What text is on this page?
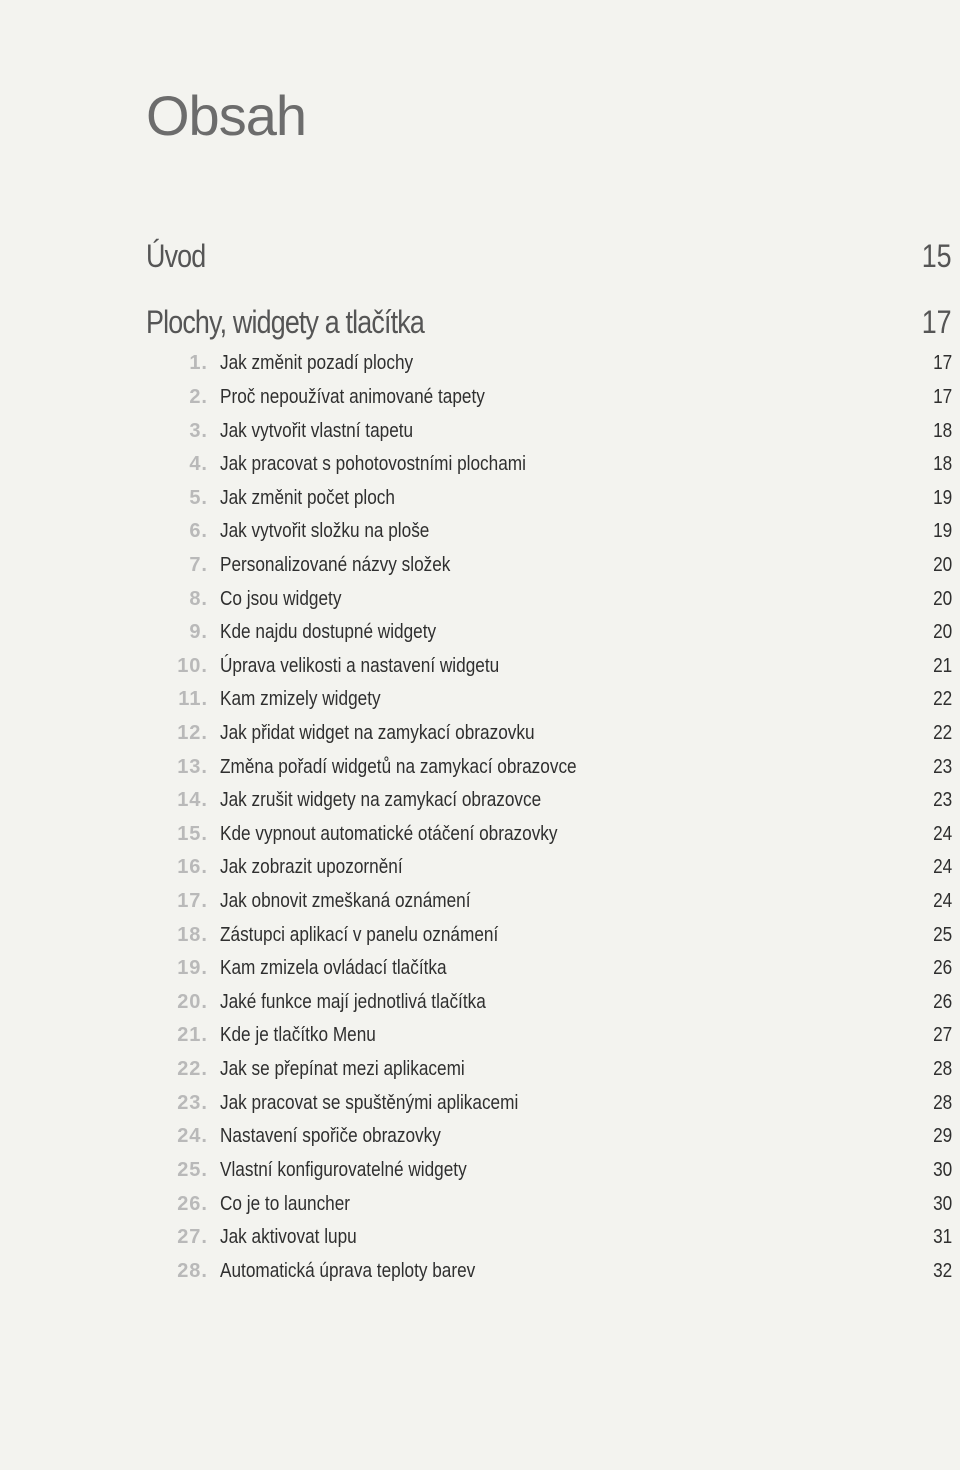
Obsah
Úvod	15
Plochy, widgety a tlačítka	17
1. Jak změnit pozadí plochy	17
2. Proč nepoužívat animované tapety	17
3. Jak vytvořit vlastní tapetu	18
4. Jak pracovat s pohotovostními plochami	18
5. Jak změnit počet ploch	19
6. Jak vytvořit složku na ploše	19
7. Personalizované názvy složek	20
8. Co jsou widgety	20
9. Kde najdu dostupné widgety	20
10. Úprava velikosti a nastavení widgetu	21
11. Kam zmizely widgety	22
12. Jak přidat widget na zamykací obrazovku	22
13. Změna pořadí widgetů na zamykací obrazovce	23
14. Jak zrušit widgety na zamykací obrazovce	23
15. Kde vypnout automatické otáčení obrazovky	24
16. Jak zobrazit upozornění	24
17. Jak obnovit zmeškaná oznámení	24
18. Zástupci aplikací v panelu oznámení	25
19. Kam zmizela ovládací tlačítka	26
20. Jaké funkce mají jednotlivá tlačítka	26
21. Kde je tlačítko Menu	27
22. Jak se přepínat mezi aplikacemi	28
23. Jak pracovat se spuštěnými aplikacemi	28
24. Nastavení spořiče obrazovky	29
25. Vlastní konfigurovatelné widgety	30
26. Co je to launcher	30
27. Jak aktivovat lupu	31
28. Automatická úprava teploty barev	32
